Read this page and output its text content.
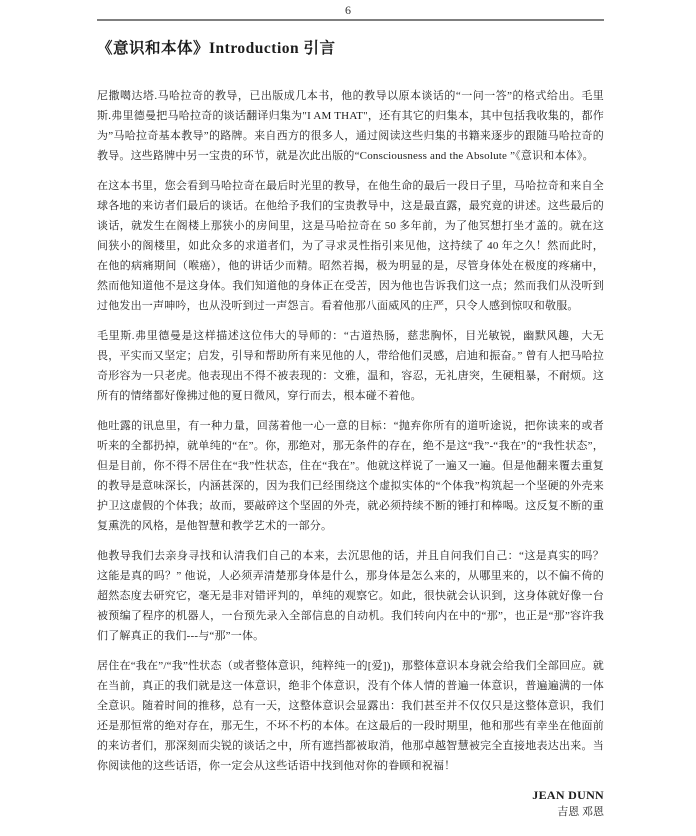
6
《意识和本体》Introduction 引言

尼撒噶达塔.马哈拉奇的教导，已出版成几本书，他的教导以原本谈话的“一问一答”的格式给出。毛里斯.弗里德曼把马哈拉奇的谈话翻译归集为"I AM THAT"，还有其它的归集本，其中包括我收集的，都作为”马哈拉奇基本教导”的路牌。来自西方的很多人，通过阅读这些归集的书籍来逐步的跟随马哈拉奇的教导。这些路牌中另一宝贵的环节，就是次此出版的“Consciousness and the Absolute ”《意识和本体》。

在这本书里，您会看到马哈拉奇在最后时光里的教导，在他生命的最后一段日子里，马哈拉奇和来自全球各地的来访者们最后的谈话。在他给予我们的宝贵教导中，这是最直露，最究竟的讲述。这些最后的谈话，就发生在阁楼上那狭小的房间里，这是马哈拉奇在 50 多年前，为了他冥想打坐才盖的。就在这间狭小的阁楼里，如此众多的求道者们，为了寻求灵性指引来见他，这持续了 40 年之久！然而此时，在他的病痛期间（喉癌），他的讲话少而精。昭然若揭，极为明显的是，尽管身体处在极度的疼痛中，然而他知道他不是这身体。我们知道他的身体正在受苦，因为他也告诉我们这一点；然而我们从没听到过他发出一声呻吟，也从没听到过一声怨言。看着他那八面威风的庄严，只令人感到惊叹和敬服。

毛里斯.弗里德曼是这样描述这位伟大的导师的：“古道热肠，慈悲胸怀，目光敏锐，幽默风趣，大无畏，平实而又坚定；启发，引导和帮助所有来见他的人，带给他们灵感，启迪和振奋。” 曾有人把马哈拉奇形容为一只老虎。他表现出不得不被表现的：文雅，温和，容忍，无礼唐突，生硬粗暴，不耐烦。这所有的情绪都好像拂过他的夏日微风，穿行而去，根本碰不着他。

他吐露的讯息里，有一种力量，回荡着他一心一意的目标：“抛弃你所有的道听途说，把你读来的或者听来的全都扔掉，就单纯的“在”。你，那绝对，那无条件的存在，绝不是这“我”-“我在”的“我性状态”，但是目前，你不得不居住在“我”性状态，住在“我在”。他就这样说了一遍又一遍。但是他翻来覆去重复的教导是意味深长，内涵甚深的，因为我们已经围绕这个虚拟实体的“个体我”构筑起一个坚硬的外壳来护卫这虚假的个体我；故而，要敲碎这个坚固的外壳，就必须持续不断的锤打和棒喝。这反复不断的重复熏洗的风格，是他智慧和教学艺术的一部分。

他教导我们去亲身寻找和认清我们自己的本来，去沉思他的话，并且自问我们自己：“这是真实的吗？这能是真的吗？” 他说，人必须弄清楚那身体是什么，那身体是怎么来的，从哪里来的，以不偏不倚的超然态度去研究它，毫无是非对错评判的，单纯的观察它。如此，很快就会认识到，这身体就好像一台被预编了程序的机器人，一台预先录入全部信息的自动机。我们转向内在中的“那”，也正是“那”容许我们了解真正的我们---与“那”一体。

居住在“我在”/“我”性状态（或者整体意识，纯粹纯一的[爱])，那整体意识本身就会给我们全部回应。就在当前，真正的我们就是这一体意识，绝非个体意识，没有个体人情的普遍一体意识，普遍遍满的一体全意识。随着时间的推移，总有一天，这整体意识会显露出：我们甚至并不仅仅只是这整体意识，我们还是那恒常的绝对存在，那无生，不坏不朽的本体。在这最后的一段时期里，他和那些有幸坐在他面前的来访者们，那深刻而尖锐的谈话之中，所有遮挡都被取消，他那卓越智慧被完全直接地表达出来。当你阅读他的这些话语，你一定会从这些话语中找到他对你的眷顾和祝福！

JEAN DUNN
吉恩 邓恩
